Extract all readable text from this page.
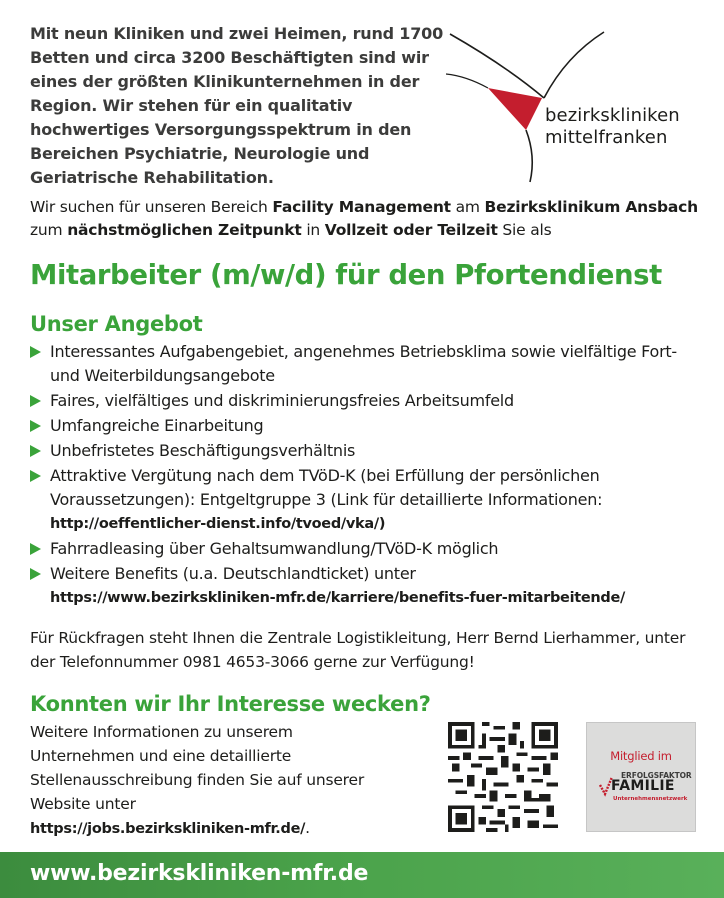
Mit neun Kliniken und zwei Heimen, rund 1700 Betten und circa 3200 Beschäftigten sind wir eines der größten Klinikunternehmen in der Region. Wir stehen für ein qualitativ hochwertiges Versorgungsspektrum in den Bereichen Psychiatrie, Neurologie und Geriatrische Rehabilitation.
bezirkskliniken
mittelfranken
Wir suchen für unseren Bereich Facility Management am Bezirksklinikum Ansbach zum nächstmöglichen Zeitpunkt in Vollzeit oder Teilzeit Sie als
Mitarbeiter (m/w/d) für den Pfortendienst
Unser Angebot
Interessantes Aufgabengebiet, angenehmes Betriebsklima sowie vielfältige Fort- und Weiterbildungsangebote
Faires, vielfältiges und diskriminierungsfreies Arbeitsumfeld
Umfangreiche Einarbeitung
Unbefristetes Beschäftigungsverhältnis
Attraktive Vergütung nach dem TVöD-K (bei Erfüllung der persönlichen Voraussetzungen): Entgeltgruppe 3 (Link für detaillierte Informationen:
http://oeffentlicher-dienst.info/tvoed/vka/)
Fahrradleasing über Gehaltsumwandlung/TVöD-K möglich
Weitere Benefits (u.a. Deutschlandticket) unter
https://www.bezirkskliniken-mfr.de/karriere/benefits-fuer-mitarbeitende/
Für Rückfragen steht Ihnen die Zentrale Logistikleitung, Herr Bernd Lierhammer, unter der Telefonnummer 0981 4653-3066 gerne zur Verfügung!
Konnten wir Ihr Interesse wecken?
Weitere Informationen zu unserem Unternehmen und eine detaillierte Stellenausschreibung finden Sie auf unserer Website unter
https://jobs.bezirkskliniken-mfr.de/.
Mitglied im
ERFOLGSFAKTOR
FAMILIE
Unternehmensnetzwerk
www.bezirkskliniken-mfr.de
